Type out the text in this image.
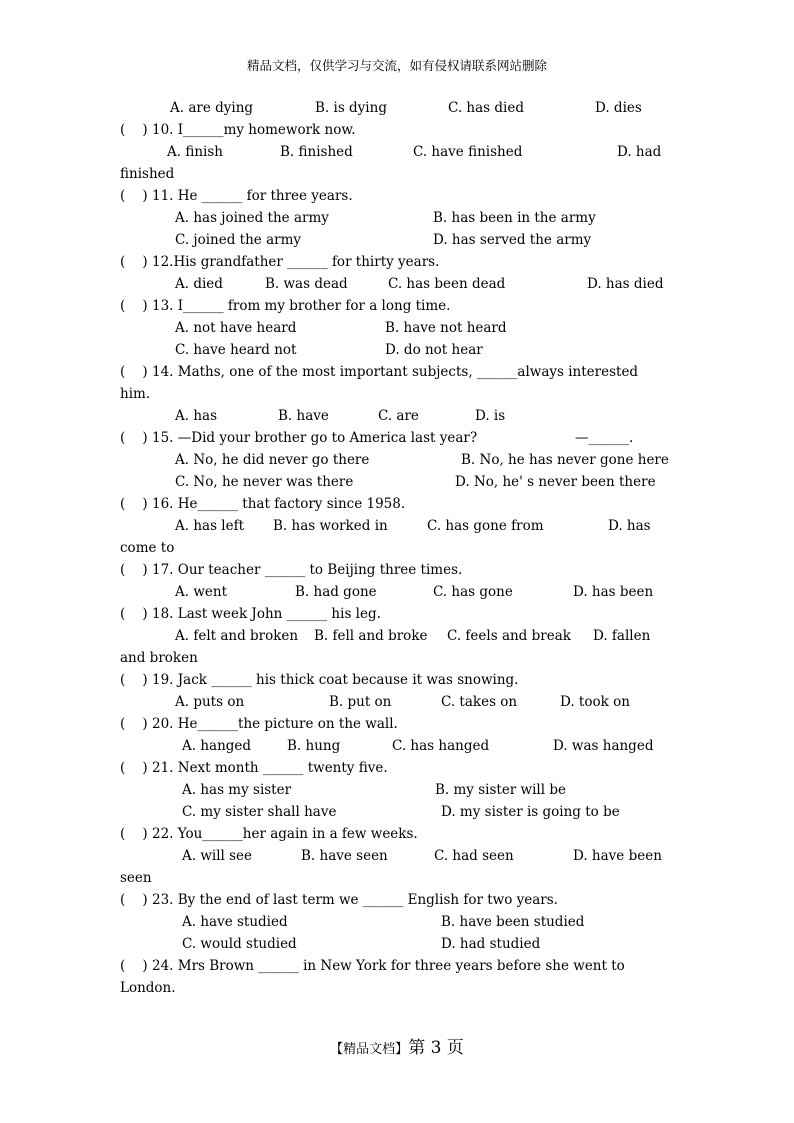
精品文档，仅供学习与交流，如有侵权请联系网站删除
A. are dying	B. is dying	C. has died	D. dies
(    ) 10. I______my homework now.
A. finish	B. finished	C. have finished	D. had
finished
(    ) 11. He ______ for three years.
A. has joined the army	B. has been in the army
C. joined the army	D. has served the army
(    ) 12.His grandfather ______ for thirty years.
A. died	B. was dead	C. has been dead	D. has died
(    ) 13. I______ from my brother for a long time.
A. not have heard	B. have not heard
C. have heard not	D. do not hear
(    ) 14. Maths, one of the most important subjects, ______always interested
him.
A. has	B. have	C. are	D. is
(    ) 15. —Did your brother go to America last year?	—______.
A. No, he did never go there	B. No, he has never gone here
C. No, he never was there	D. No, he' s never been there
(    ) 16. He______ that factory since 1958.
A. has left B. has worked in	C. has gone from	D. has
come to
(    ) 17. Our teacher ______ to Beijing three times.
A. went	B. had gone	C. has gone	D. has been
(    ) 18. Last week John ______ his leg.
A. felt and broken B. fell and broke C. feels and break D. fallen
and broken
(    ) 19. Jack ______ his thick coat because it was snowing.
A. puts on	B. put on	C. takes on	D. took on
(    ) 20. He______the picture on the wall.
A. hanged	B. hung	C. has hanged	D. was hanged
(    ) 21. Next month ______ twenty five.
A. has my sister	B. my sister will be
C. my sister shall have	D. my sister is going to be
(    ) 22. You______her again in a few weeks.
A. will see	B. have seen	C. had seen	D. have been
seen
(    ) 23. By the end of last term we ______ English for two years.
A. have studied	B. have been studied
C. would studied	D. had studied
(    ) 24. Mrs Brown ______ in New York for three years before she went to
London.
【精品文档】第 3 页
